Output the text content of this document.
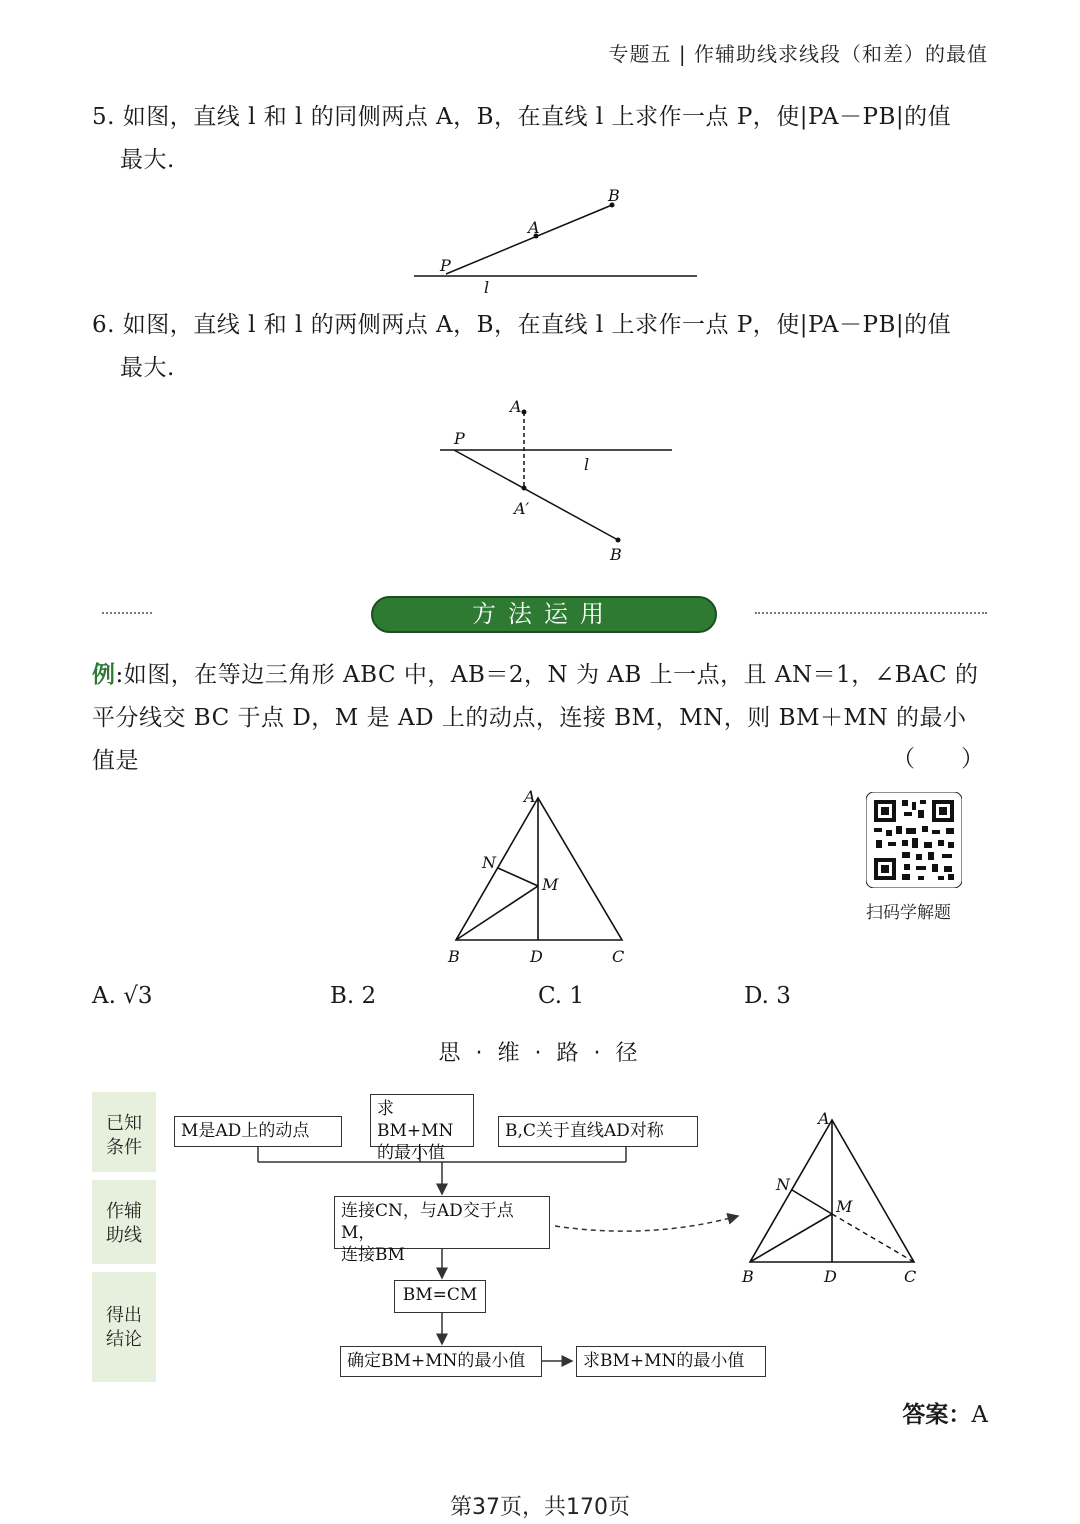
专题五 | 作辅助线求线段（和差）的最值
5. 如图，直线 l 和 l 的同侧两点 A，B，在直线 l 上求作一点 P，使|PA－PB|的值
最大.
B
A
P
l
6. 如图，直线 l 和 l 的两侧两点 A，B，在直线 l 上求作一点 P，使|PA－PB|的值
最大.
A
P
l
A′
B
方法运用
例:如图，在等边三角形 ABC 中，AB＝2，N 为 AB 上一点，且 AN＝1，∠BAC 的
平分线交 BC 于点 D，M 是 AD 上的动点，连接 BM，MN，则 BM＋MN 的最小
值是	（　　）
A
N
M
B	D	C
扫码学解题
A. √3	B. 2	C. 1	D. 3
思 · 维 · 路 · 径
已知
条件
作辅
助线
得出
结论
M是AD上的动点
求BM+MN
的最小值
B,C关于直线AD对称
连接CN，与AD交于点M，
连接BM
BM=CM
确定BM+MN的最小值	求BM+MN的最小值
A
N
M
B	D	C
答案：A
第37页，共170页
